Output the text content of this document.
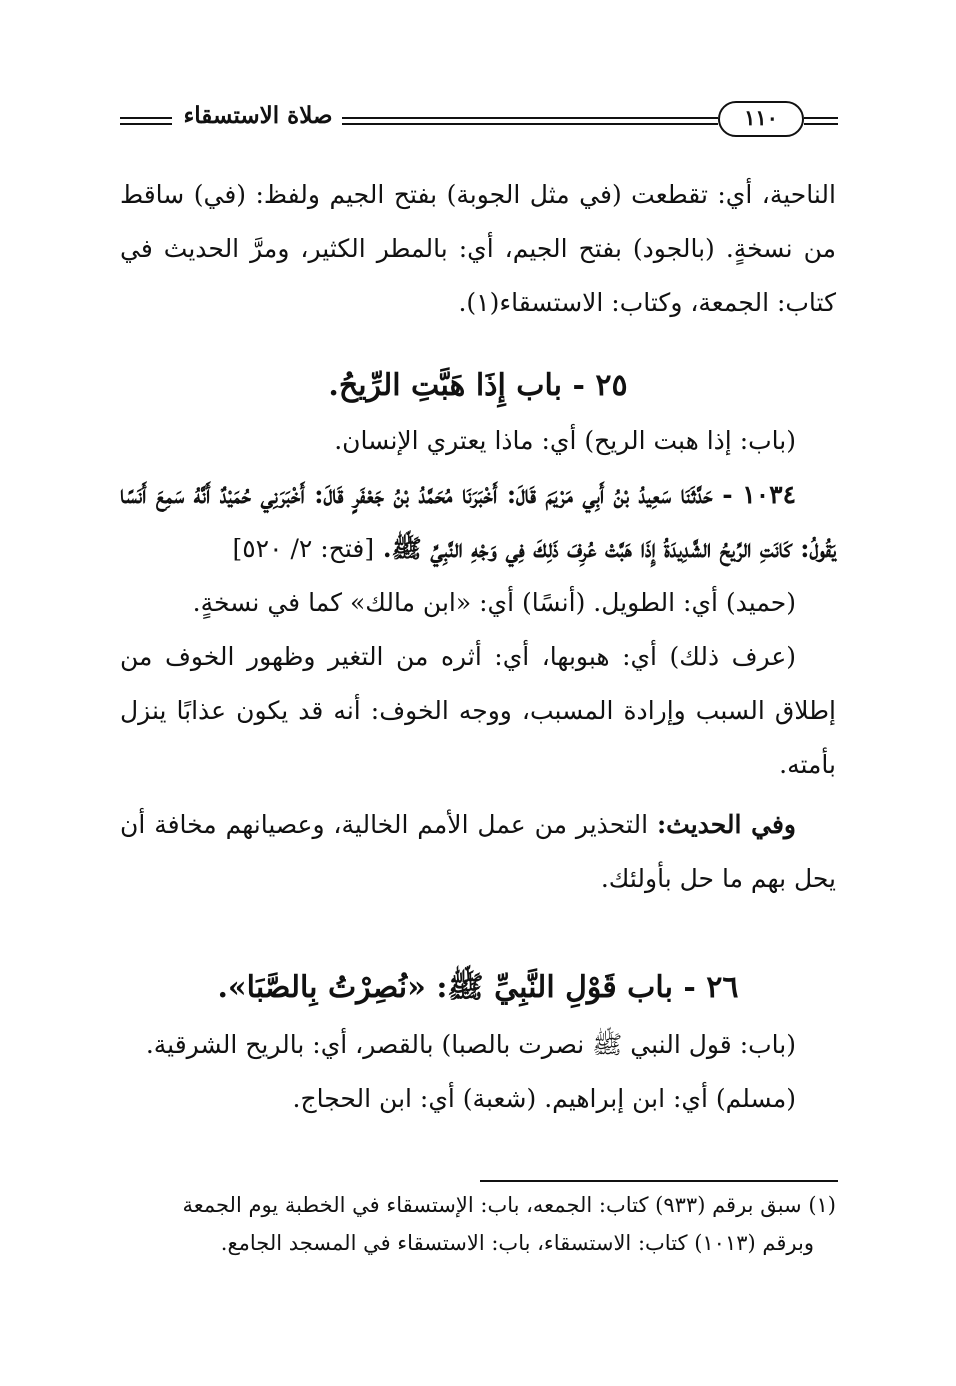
صلاة الاستسقاء	١١٠

الناحية، أي: تقطعت (في مثل الجوبة) بفتح الجيم ولفظ: (في) ساقط من نسخةٍ. (بالجود) بفتح الجيم، أي: بالمطر الكثير، ومرَّ الحديث في كتاب: الجمعة، وكتاب: الاستسقاء(١).

٢٥ - باب إِذَا هَبَّتِ الرِّيحُ.

(باب: إذا هبت الريح) أي: ماذا يعتري الإنسان.

١٠٣٤ - حَدَّثَنَا سَعِيدُ بْنُ أَبِي مَرْيَمَ قَالَ: أَخْبَرَنَا مُحَمَّدُ بْنُ جَعْفَرٍ قَالَ: أَخْبَرَنِي حُمَيْدٌ أَنَّهُ سَمِعَ أَنَسًا يَقُولُ: كَانَتِ الرِّيحُ الشَّدِيدَةُ إِذَا هَبَّتْ عُرِفَ ذَلِكَ فِي وَجْهِ النَّبِيِّ ﷺ. [فتح: ٢/ ٥٢٠]

(حميد) أي: الطويل. (أنسًا) أي: «ابن مالك» كما في نسخةٍ.

(عرف ذلك) أي: هبوبها، أي: أثره من التغير وظهور الخوف من إطلاق السبب وإرادة المسبب، ووجه الخوف: أنه قد يكون عذابًا ينزل بأمته.

وفي الحديث: التحذير من عمل الأمم الخالية، وعصيانهم مخافة أن يحل بهم ما حل بأولئك.

٢٦ - باب قَوْلِ النَّبِيِّ ﷺ: «نُصِرْتُ بِالصَّبَا».

(باب: قول النبي ﷺ نصرت بالصبا) بالقصر، أي: بالريح الشرقية.

(مسلم) أي: ابن إبراهيم. (شعبة) أي: ابن الحجاج.

(١) سبق برقم (٩٣٣) كتاب: الجمعه، باب: الإستسقاء في الخطبة يوم الجمعة

وبرقم (١٠١٣) كتاب: الاستسقاء، باب: الاستسقاء في المسجد الجامع.
